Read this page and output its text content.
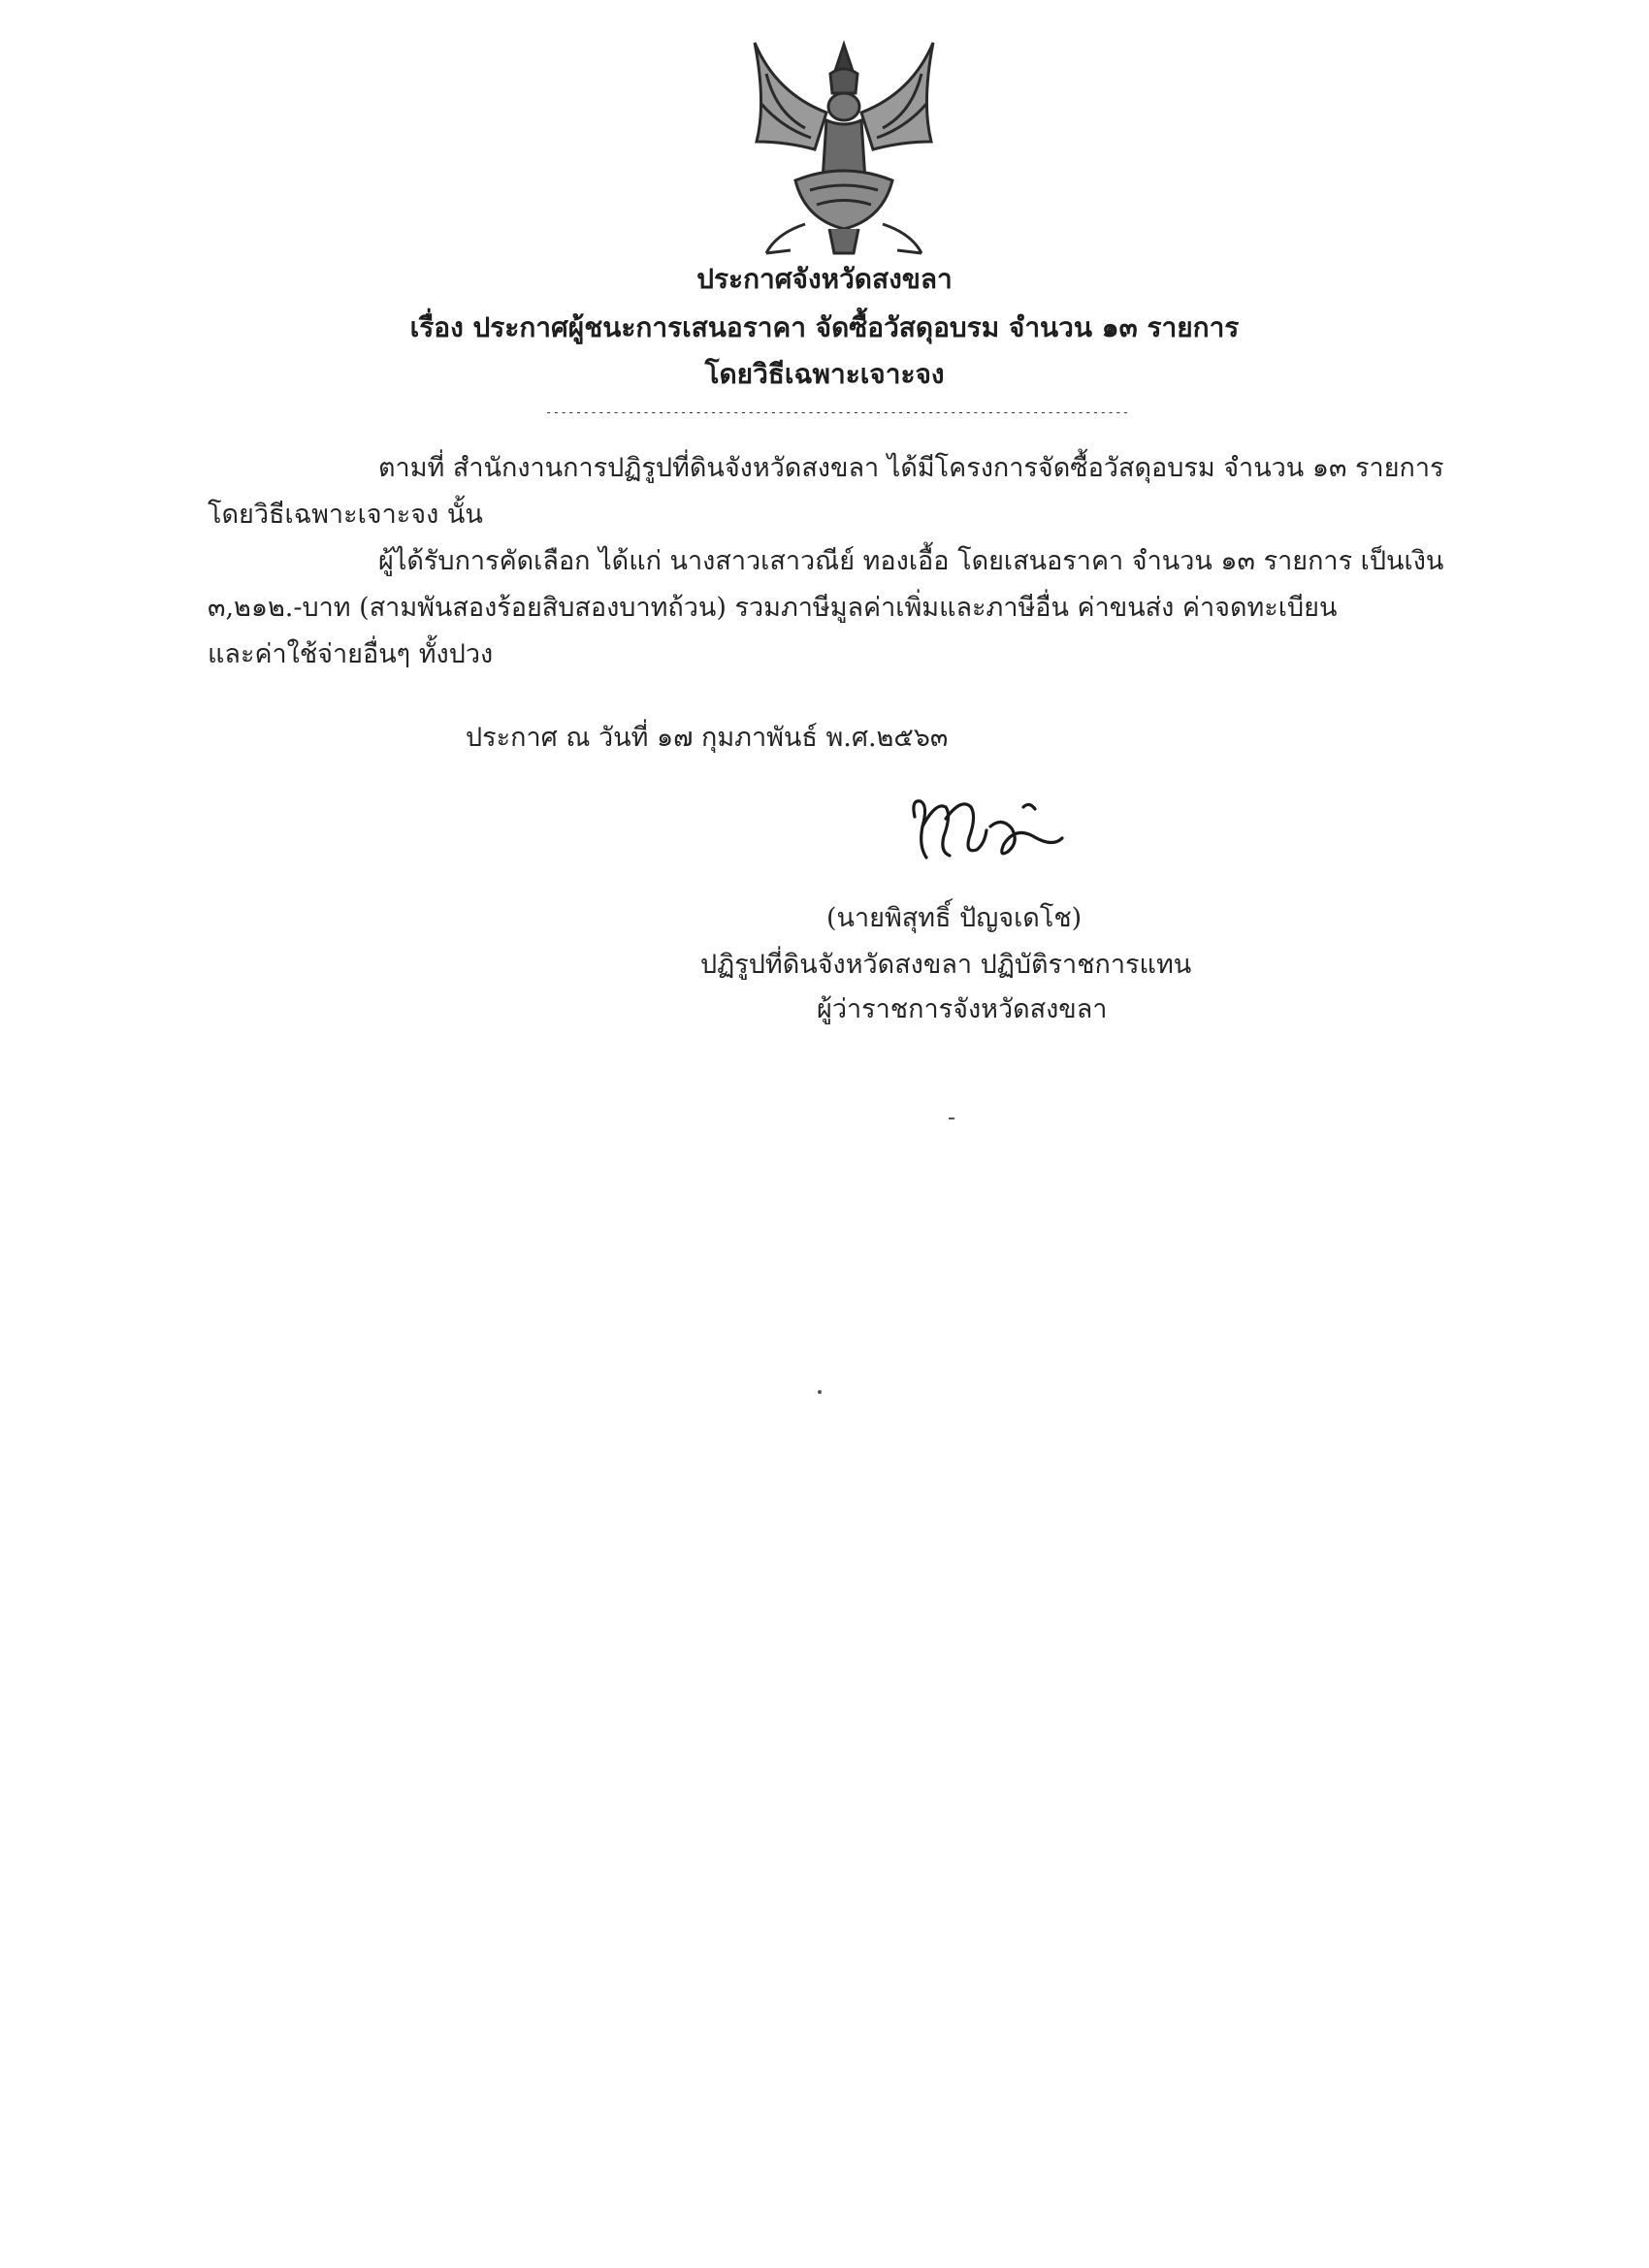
ประกาศจังหวัดสงขลา
เรื่อง ประกาศผู้ชนะการเสนอราคา จัดซื้อวัสดุอบรม จำนวน ๑๓ รายการ
โดยวิธีเฉพาะเจาะจง
------------------------------------------------------------------------------
ตามที่ สำนักงานการปฏิรูปที่ดินจังหวัดสงขลา ได้มีโครงการจัดซื้อวัสดุอบรม จำนวน ๑๓ รายการ
โดยวิธีเฉพาะเจาะจง นั้น
ผู้ได้รับการคัดเลือก ได้แก่ นางสาวเสาวณีย์ ทองเอื้อ โดยเสนอราคา จำนวน ๑๓ รายการ เป็นเงิน
๓,๒๑๒.-บาท (สามพันสองร้อยสิบสองบาทถ้วน) รวมภาษีมูลค่าเพิ่มและภาษีอื่น ค่าขนส่ง ค่าจดทะเบียน
และค่าใช้จ่ายอื่นๆ ทั้งปวง
ประกาศ ณ วันที่ ๑๗ กุมภาพันธ์ พ.ศ.๒๕๖๓
(นายพิสุทธิ์ ปัญจเดโช)
ปฏิรูปที่ดินจังหวัดสงขลา ปฏิบัติราชการแทน
ผู้ว่าราชการจังหวัดสงขลา
